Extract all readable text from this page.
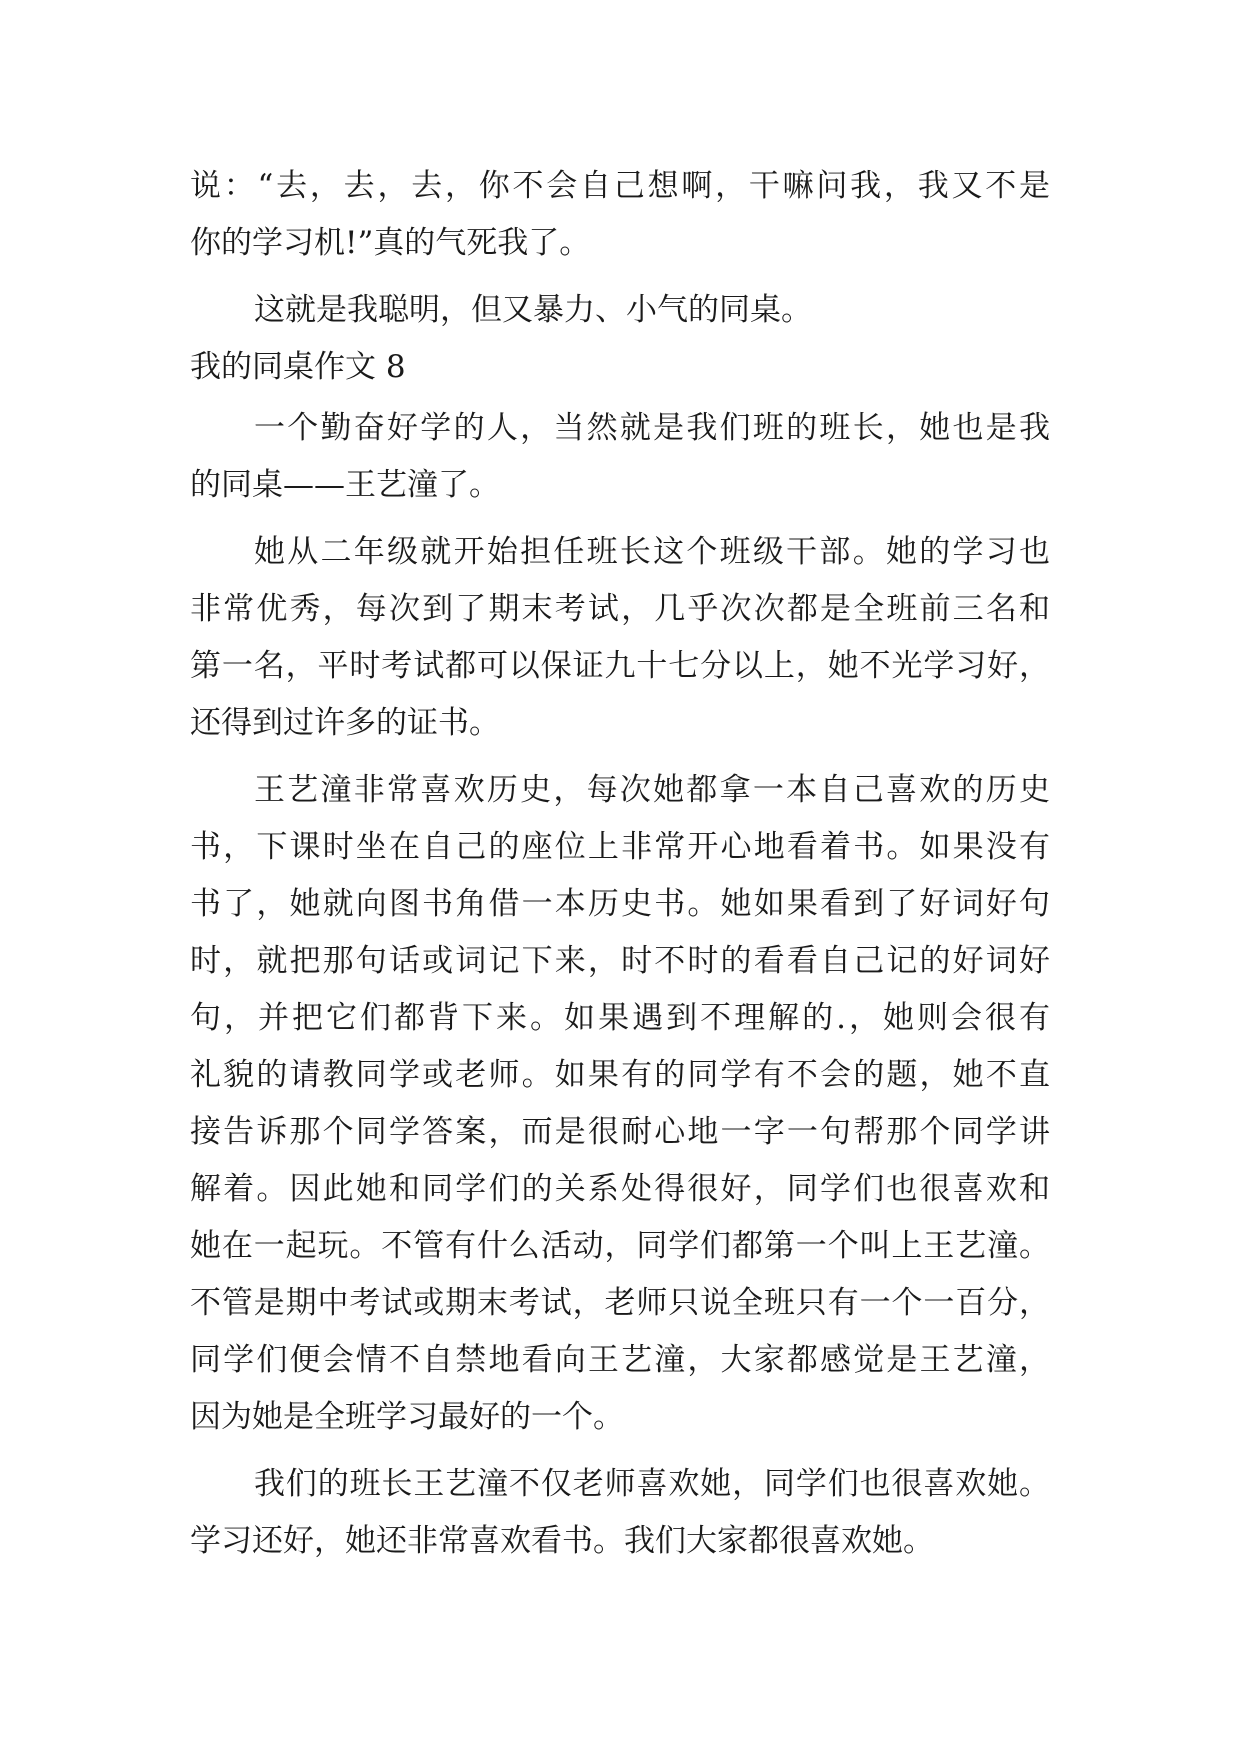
说：“去，去，去，你不会自己想啊，干嘛问我，我又不是
你的学习机!”真的气死我了。
这就是我聪明，但又暴力、小气的同桌。
我的同桌作文 8
一个勤奋好学的人，当然就是我们班的班长，她也是我
的同桌——王艺潼了。
她从二年级就开始担任班长这个班级干部。她的学习也
非常优秀，每次到了期末考试，几乎次次都是全班前三名和
第一名，平时考试都可以保证九十七分以上，她不光学习好，
还得到过许多的证书。
王艺潼非常喜欢历史，每次她都拿一本自己喜欢的历史
书，下课时坐在自己的座位上非常开心地看着书。如果没有
书了，她就向图书角借一本历史书。她如果看到了好词好句
时，就把那句话或词记下来，时不时的看看自己记的好词好
句，并把它们都背下来。如果遇到不理解的.，她则会很有
礼貌的请教同学或老师。如果有的同学有不会的题，她不直
接告诉那个同学答案，而是很耐心地一字一句帮那个同学讲
解着。因此她和同学们的关系处得很好，同学们也很喜欢和
她在一起玩。不管有什么活动，同学们都第一个叫上王艺潼。
不管是期中考试或期末考试，老师只说全班只有一个一百分，
同学们便会情不自禁地看向王艺潼，大家都感觉是王艺潼，
因为她是全班学习最好的一个。
我们的班长王艺潼不仅老师喜欢她，同学们也很喜欢她。
学习还好，她还非常喜欢看书。我们大家都很喜欢她。
